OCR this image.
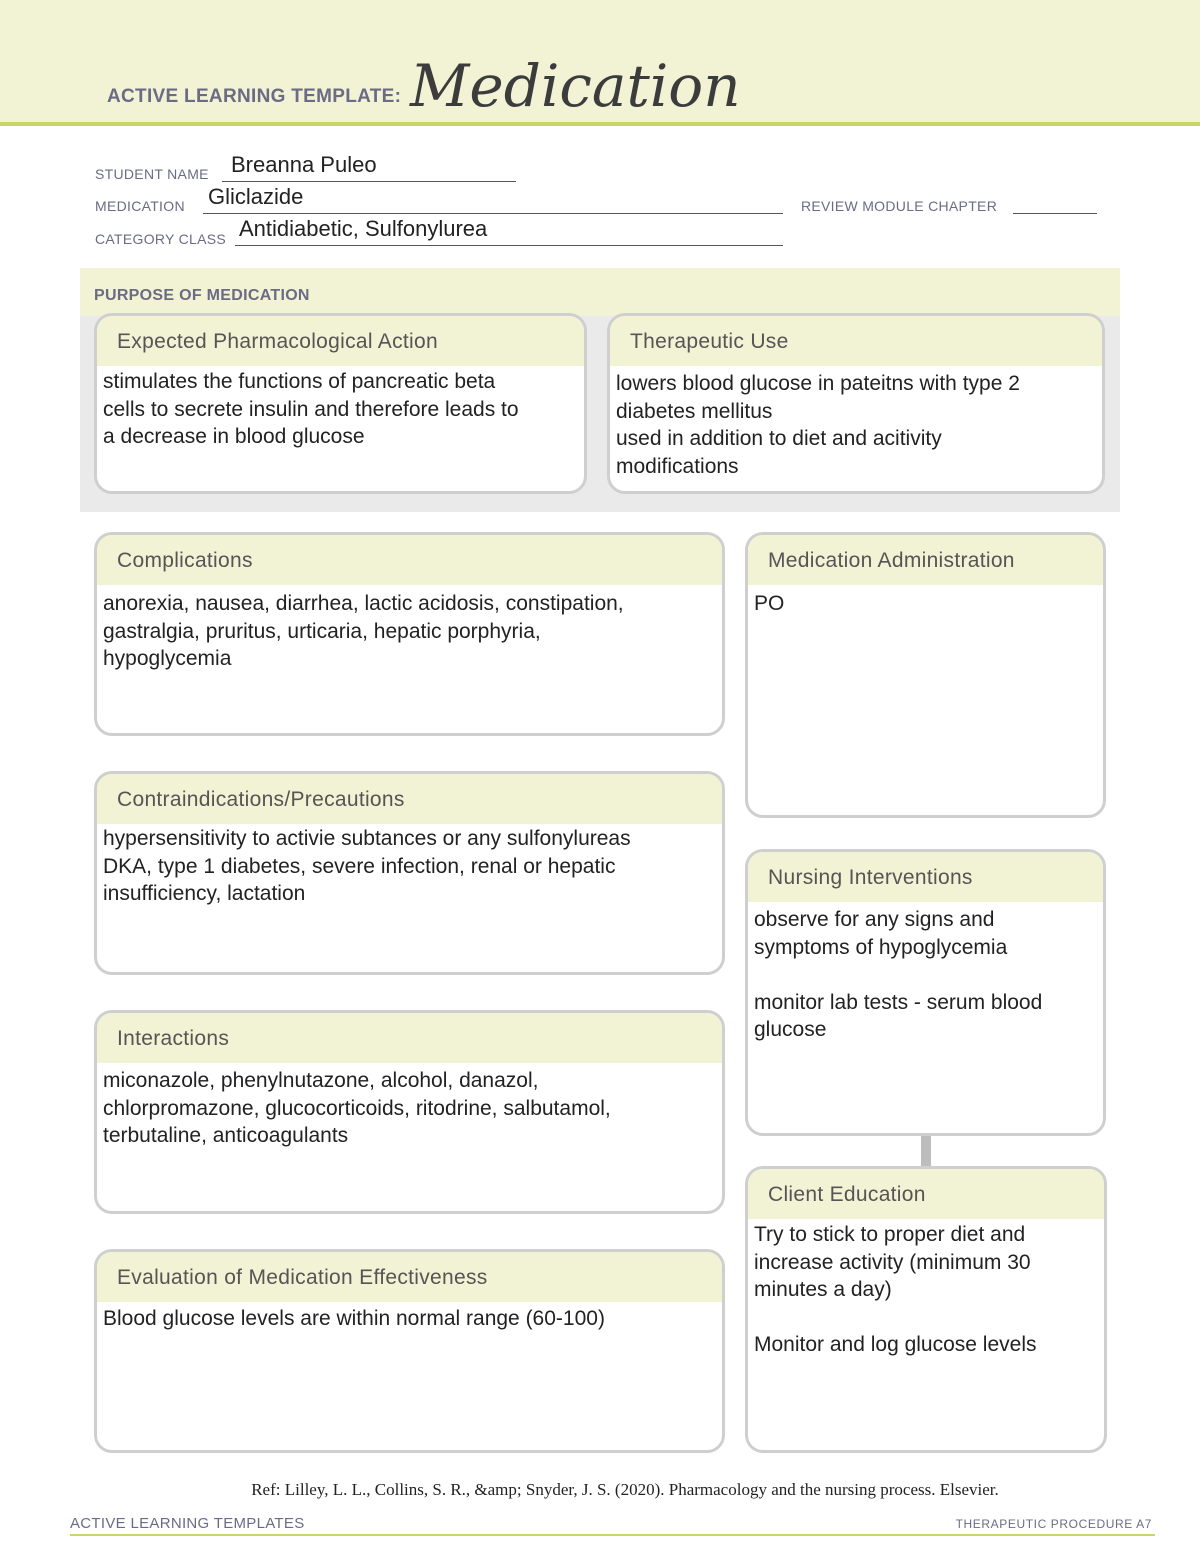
ACTIVE LEARNING TEMPLATE: Medication
STUDENT NAME Breanna Puleo
MEDICATION Gliclazide	REVIEW MODULE CHAPTER
CATEGORY CLASS Antidiabetic, Sulfonylurea
PURPOSE OF MEDICATION
Expected Pharmacological Action

stimulates the functions of pancreatic beta

cells to secrete insulin and therefore leads to

a decrease in blood glucose

Therapeutic Use

lowers blood glucose in pateitns with type 2

diabetes mellitus

used in addition to diet and acitivity

modifications

Complications

anorexia, nausea, diarrhea, lactic acidosis, constipation,

gastralgia, pruritus, urticaria, hepatic porphyria,

hypoglycemia

Contraindications/Precautions

hypersensitivity to activie subtances or any sulfonylureas

DKA, type 1 diabetes, severe infection, renal or hepatic

insufficiency, lactation

Interactions

miconazole, phenylnutazone, alcohol, danazol,

chlorpromazone, glucocorticoids, ritodrine, salbutamol,

terbutaline, anticoagulants

Evaluation of Medication Effectiveness

Blood glucose levels are within normal range (60-100)

Medication Administration

PO

Nursing Interventions

observe for any signs and

symptoms of hypoglycemia

monitor lab tests - serum blood

glucose

Client Education

Try to stick to proper diet and

increase activity (minimum 30

minutes a day)

Monitor and log glucose levels

Ref: Lilley, L. L., Collins, S. R., &amp; Snyder, J. S. (2020). Pharmacology and the nursing process. Elsevier.
ACTIVE LEARNING TEMPLATES	THERAPEUTIC PROCEDURE A7
